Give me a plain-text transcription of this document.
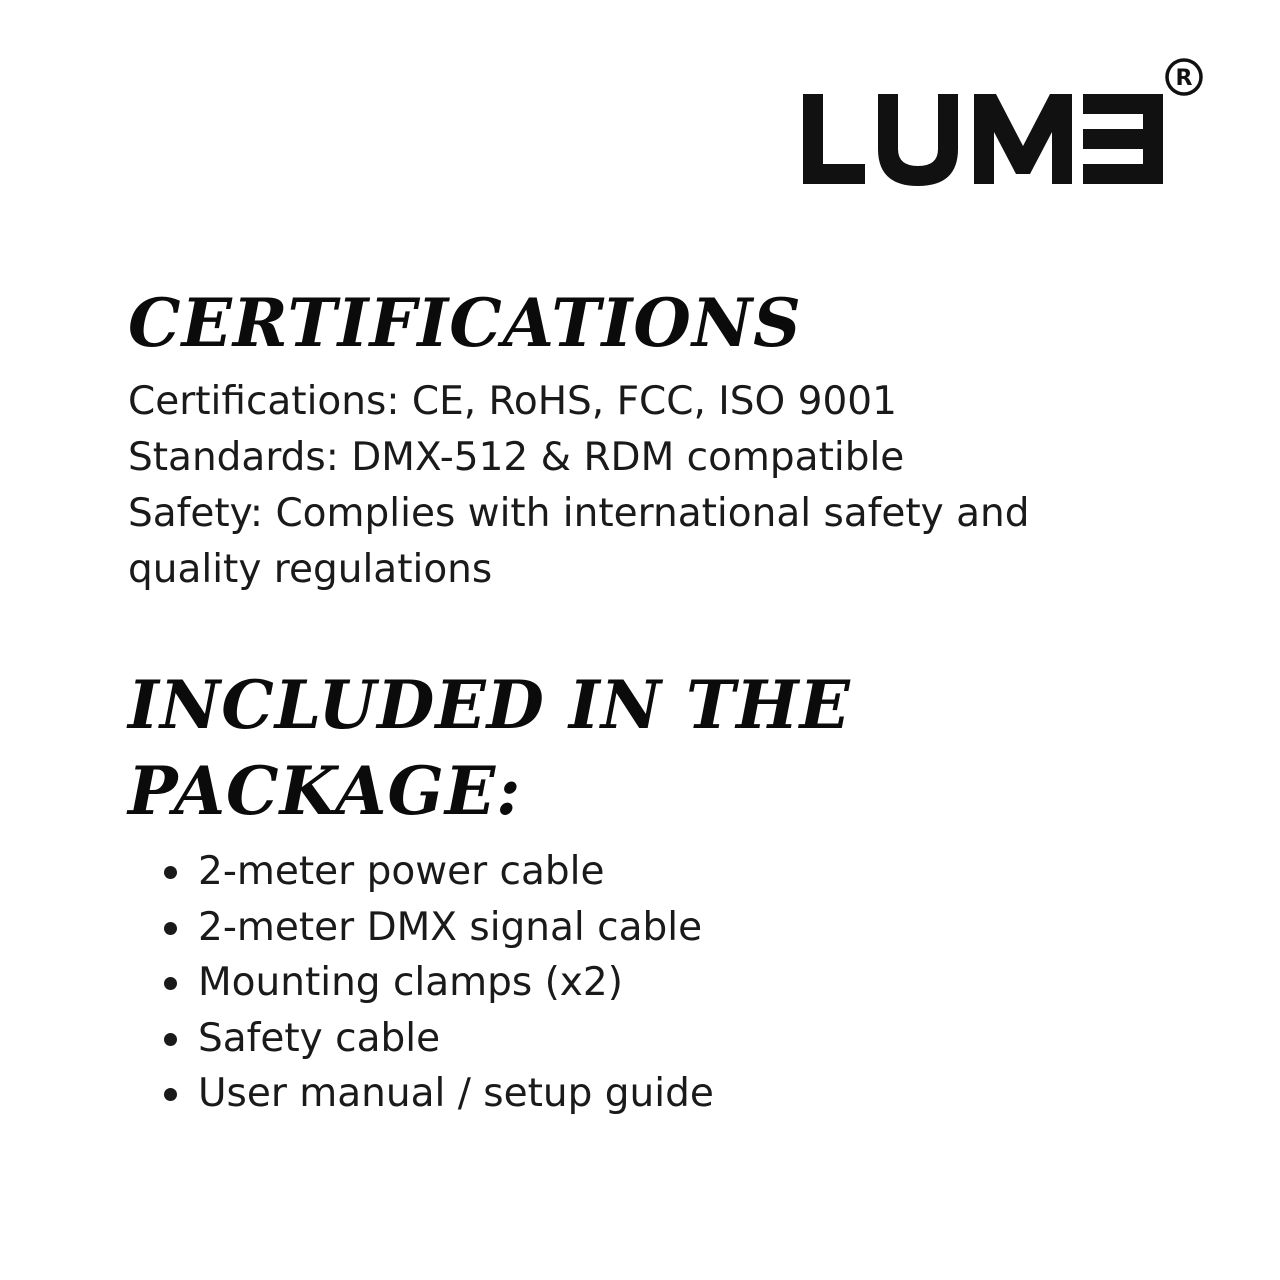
R
CERTIFICATIONS

Certifications: CE, RoHS, FCC, ISO 9001

Standards: DMX-512 & RDM compatible

Safety: Complies with international safety and

quality regulations

INCLUDED IN THE
PACKAGE:
2-meter power cable
2-meter DMX signal cable
Mounting clamps (x2)
Safety cable
User manual / setup guide
